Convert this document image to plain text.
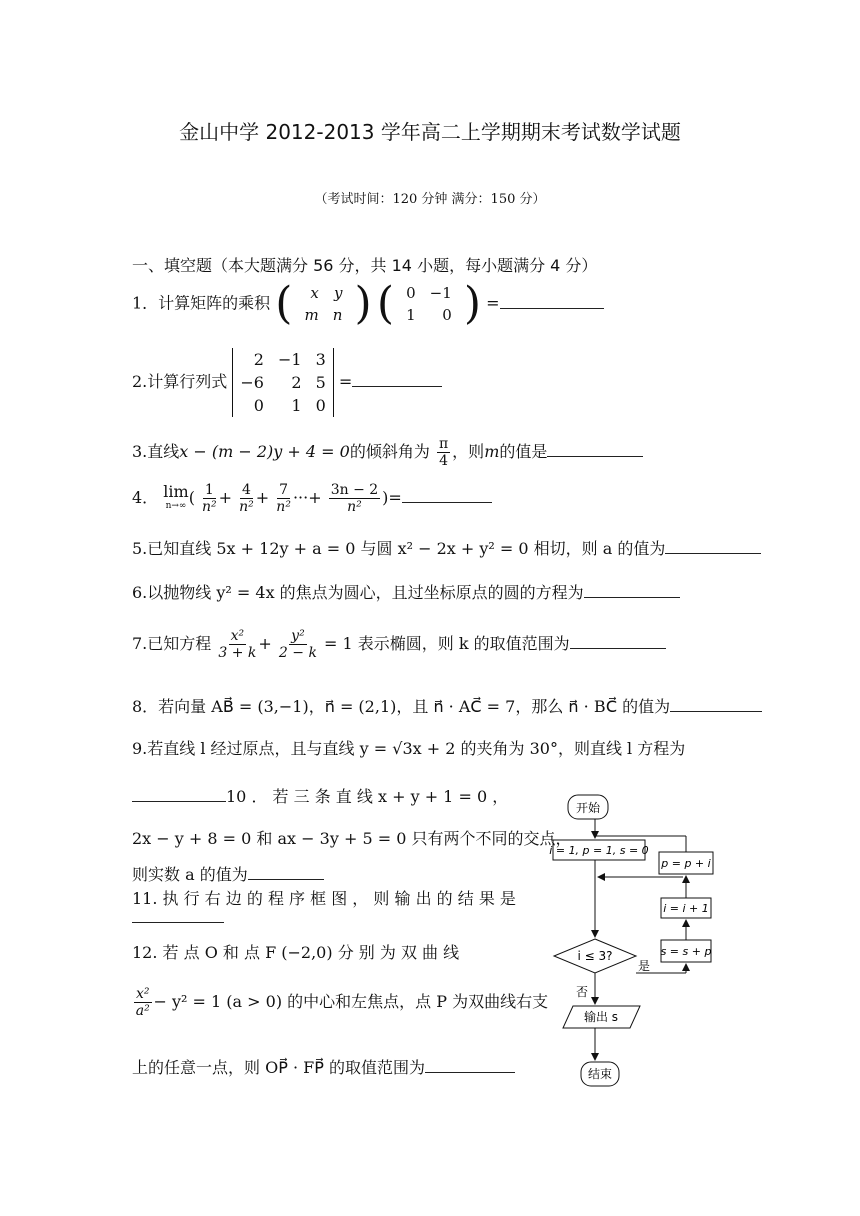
金山中学 2012-2013 学年高二上学期期末考试数学试题
（考试时间：120 分钟 满分：150 分）
一、填空题（本大题满分 56 分，共 14 小题，每小题满分 4 分）
1．计算矩阵的乘积 ( x	y
m	n ) ( 0	−1
1	0 ) =
2.计算行列式
2	−1	3
−6	2	5
0	1	0
=
3.直线x − (m − 2)y + 4 = 0的倾斜角为 $\frac{\pi}{4}$ ，则m的值是
4． lim
n→∞ ( $\frac{1}{\text{n²}} + \frac{4}{\text{n²}} + \frac{7}{\text{n²}}$ ···+ $\frac{3n - 2}{\text{n²}}$ )=
5.已知直线 5x + 12y + a = 0 与圆 x² − 2x + y² = 0 相切，则 a 的值为
6.以抛物线 y² = 4x 的焦点为圆心，且过坐标原点的圆的方程为
7.已知方程 $\frac{\text{x²}}{3 + k} + \frac{\text{y²}}{2 - k} = 1$ 表示椭圆，则 k 的取值范围为
8．若向量 AB⃗ = (3,−1)，n⃗ = (2,1)，且 n⃗ · AC⃗ = 7，那么 n⃗ · BC⃗ 的值为
9.若直线 l 经过原点，且与直线 y = √3x + 2 的夹角为 30°，则直线 l 方程为
10 ． 若 三 条 直 线 x + y + 1 = 0 ，
2x − y + 8 = 0 和 ax − 3y + 5 = 0 只有两个不同的交点，
则实数 a 的值为
11. 执 行 右 边 的 程 序 框 图 ， 则 输 出 的 结 果 是
12. 若 点 O 和 点 F (−2,0) 分 别 为 双 曲 线
$\frac{\text{x²}}{\text{a²}} - y^2 = 1$ (a > 0) 的中心和左焦点，点 P 为双曲线右支
上的任意一点，则 OP⃗ · FP⃗ 的取值范围为
开始
i = 1, p = 1, s = 0
i ≤ 3?
是
否
s = s + p
i = i + 1
p = p + i
输出 s
结束
